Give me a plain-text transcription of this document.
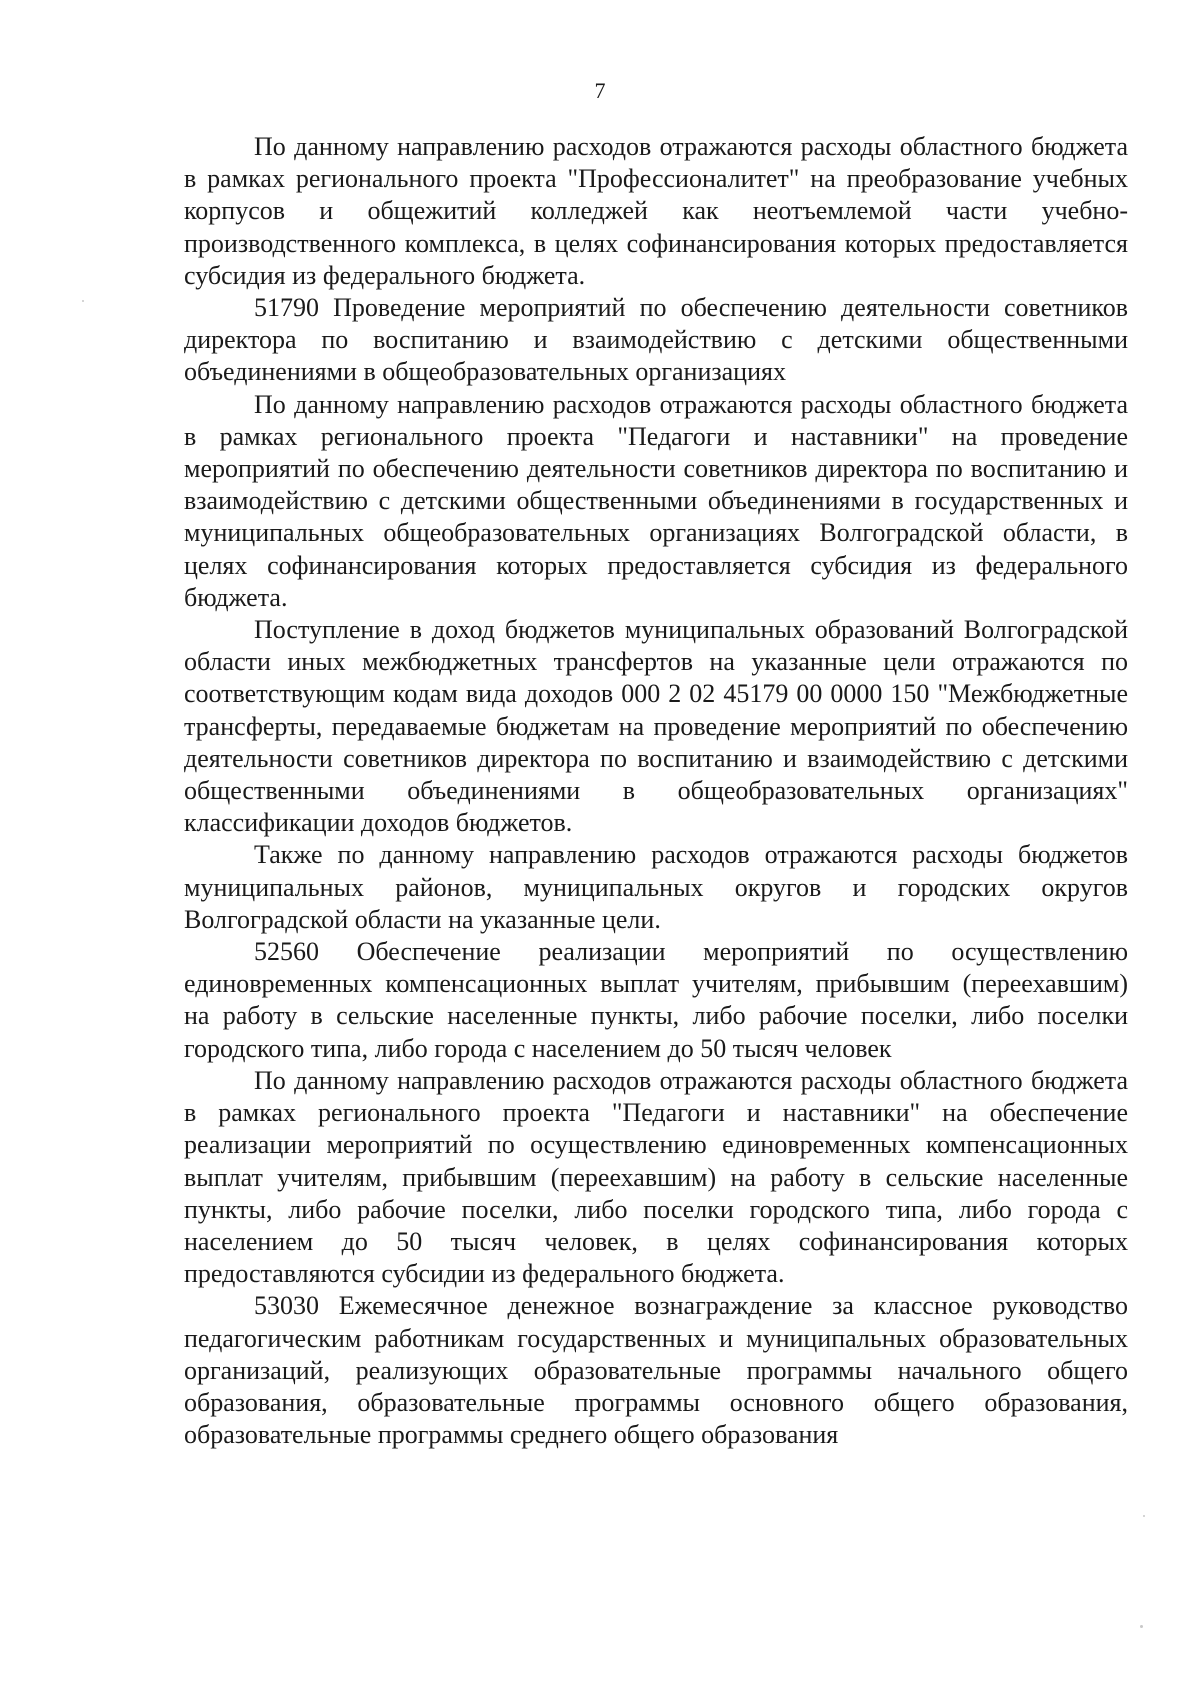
7

По данному направлению расходов отражаются расходы областного бюджета в рамках регионального проекта "Профессионалитет" на преобразование учебных корпусов и общежитий колледжей как неотъемлемой части учебно-производственного комплекса, в целях софинансирования которых предоставляется субсидия из федерального бюджета.

51790 Проведение мероприятий по обеспечению деятельности советников директора по воспитанию и взаимодействию с детскими общественными объединениями в общеобразовательных организациях

По данному направлению расходов отражаются расходы областного бюджета в рамках регионального проекта "Педагоги и наставники" на проведение мероприятий по обеспечению деятельности советников директора по воспитанию и взаимодействию с детскими общественными объединениями в государственных и муниципальных общеобразовательных организациях Волгоградской области, в целях софинансирования которых предоставляется субсидия из федерального бюджета.

Поступление в доход бюджетов муниципальных образований Волгоградской области иных межбюджетных трансфертов на указанные цели отражаются по соответствующим кодам вида доходов 000 2 02 45179 00 0000 150 "Межбюджетные трансферты, передаваемые бюджетам на проведение мероприятий по обеспечению деятельности советников директора по воспитанию и взаимодействию с детскими общественными объединениями в общеобразовательных организациях" классификации доходов бюджетов.

Также по данному направлению расходов отражаются расходы бюджетов муниципальных районов, муниципальных округов и городских округов Волгоградской области на указанные цели.

52560 Обеспечение реализации мероприятий по осуществлению единовременных компенсационных выплат учителям, прибывшим (переехавшим) на работу в сельские населенные пункты, либо рабочие поселки, либо поселки городского типа, либо города с населением до 50 тысяч человек

По данному направлению расходов отражаются расходы областного бюджета в рамках регионального проекта "Педагоги и наставники" на обеспечение реализации мероприятий по осуществлению единовременных компенсационных выплат учителям, прибывшим (переехавшим) на работу в сельские населенные пункты, либо рабочие поселки, либо поселки городского типа, либо города с населением до 50 тысяч человек, в целях софинансирования которых предоставляются субсидии из федерального бюджета.

53030 Ежемесячное денежное вознаграждение за классное руководство педагогическим работникам государственных и муниципальных образовательных организаций, реализующих образовательные программы начального общего образования, образовательные программы основного общего образования, образовательные программы среднего общего образования
